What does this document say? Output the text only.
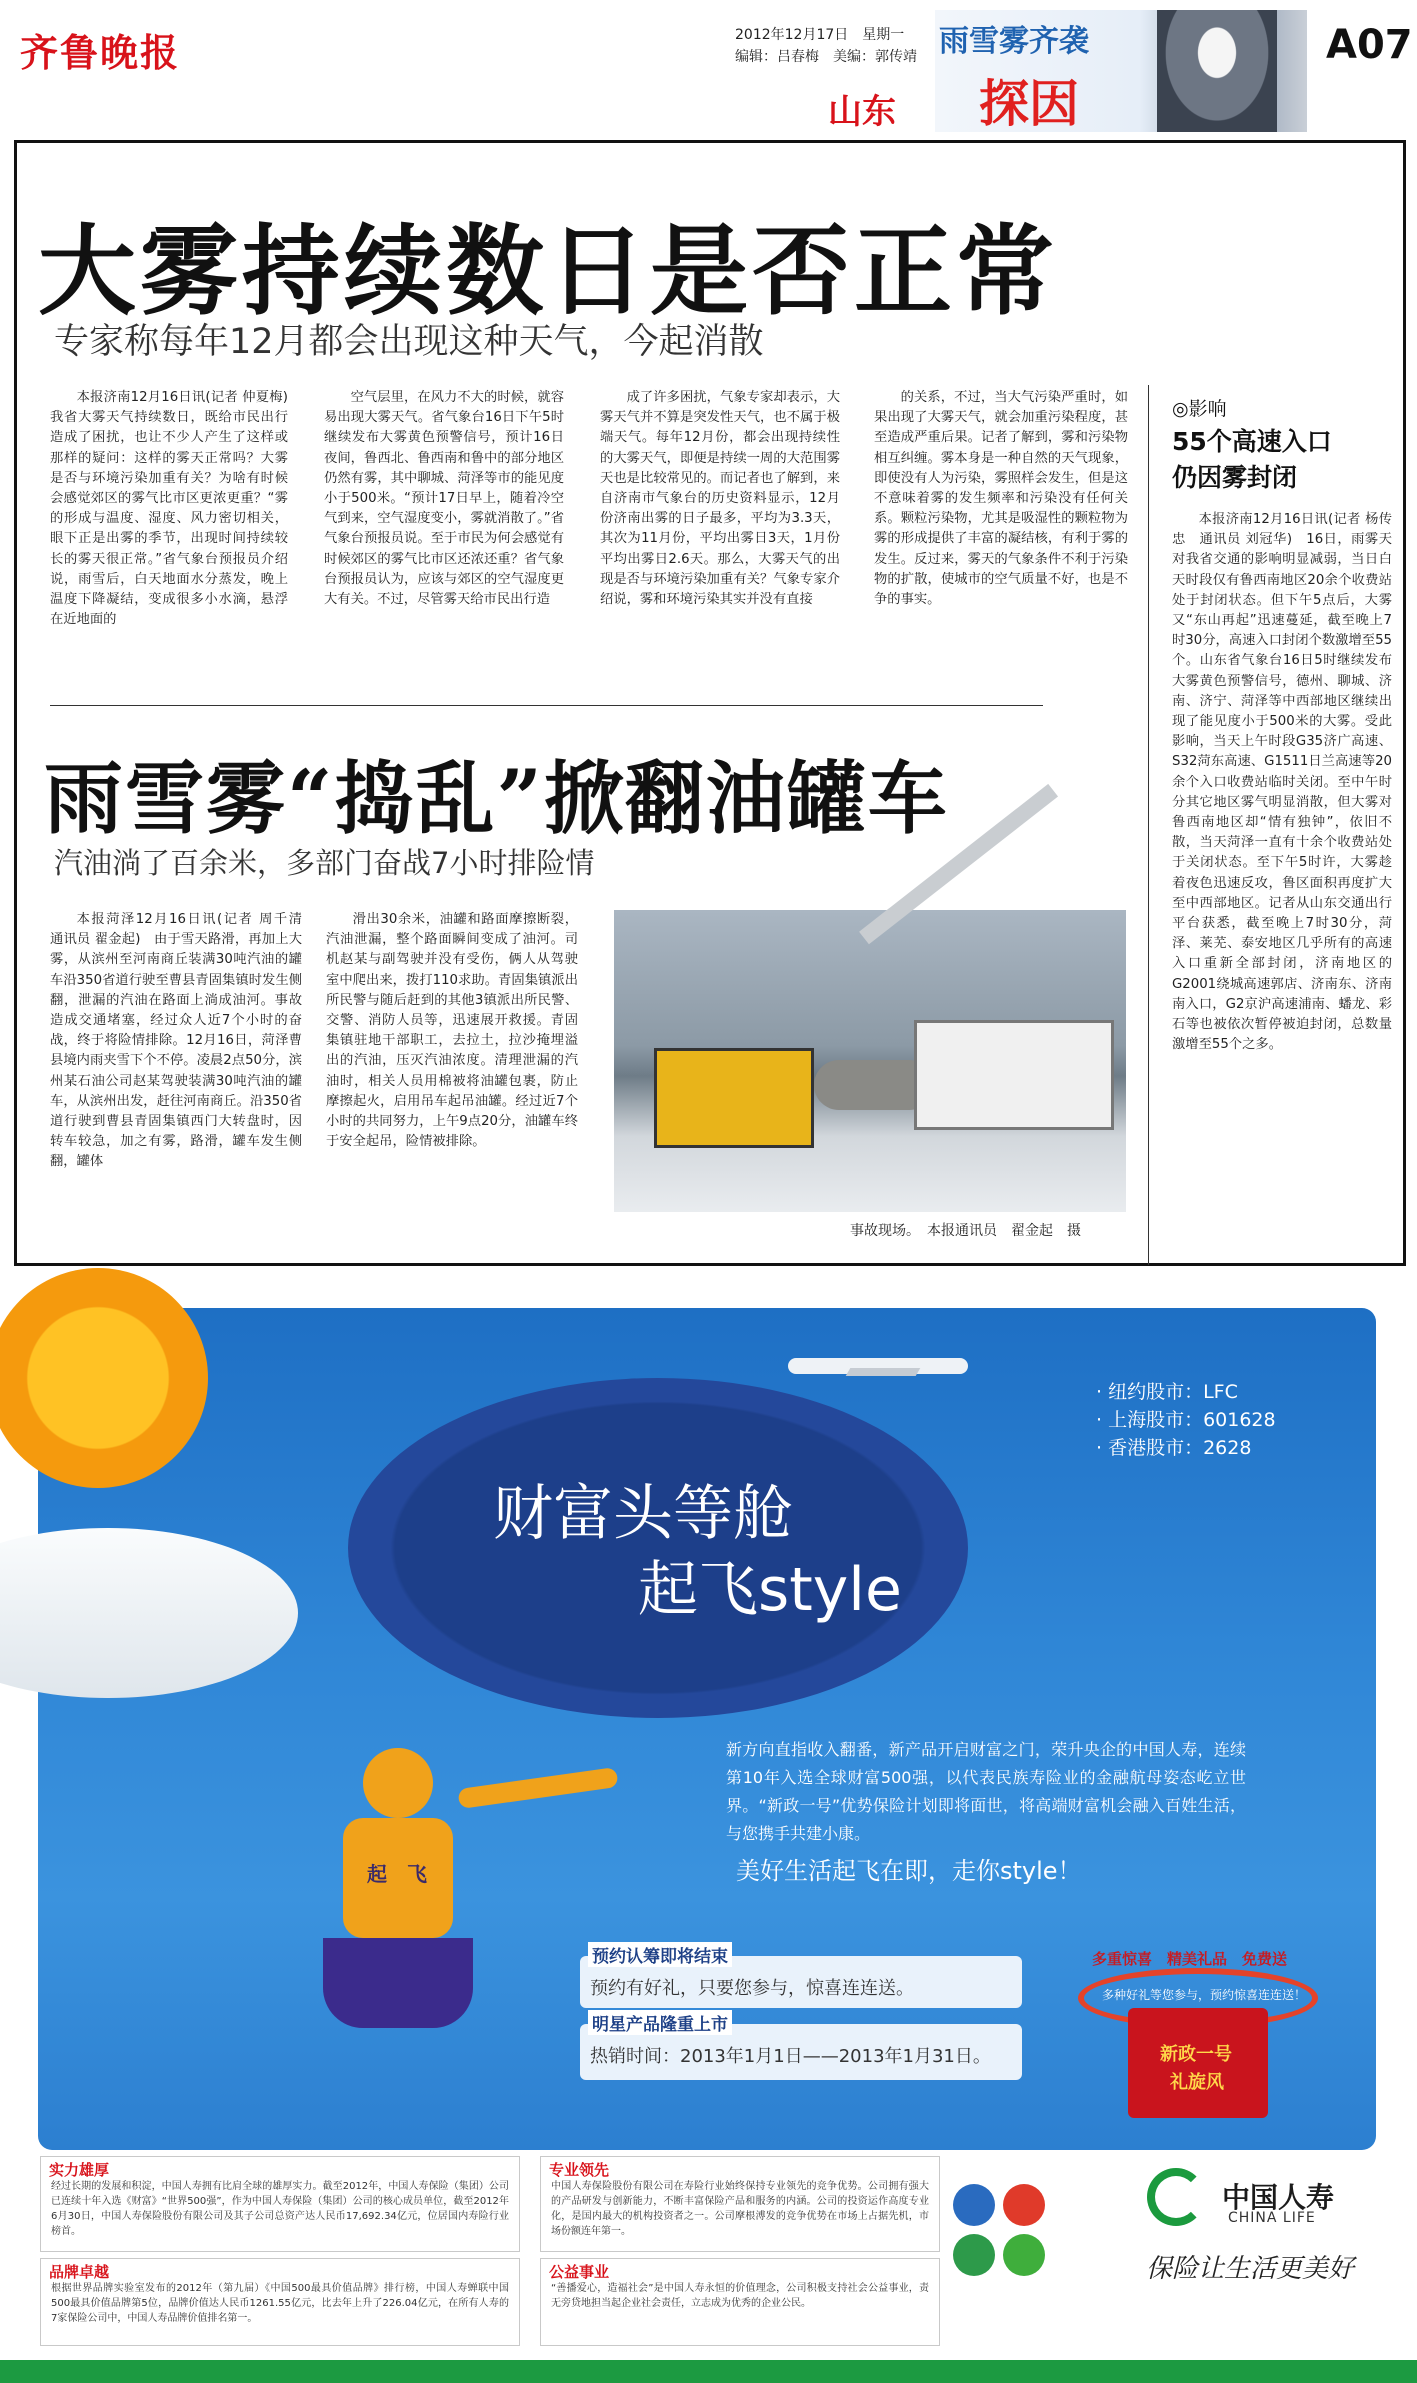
齐鲁晚报	2012年12月17日　星期一
编辑：吕春梅　美编：郭传靖
山东
雨雪雾齐袭
探因
A07
大雾持续数日是否正常
专家称每年12月都会出现这种天气，今起消散

本报济南12月16日讯(记者 仲夏梅)　我省大雾天气持续数日，既给市民出行造成了困扰，也让不少人产生了这样或那样的疑问：这样的雾天正常吗？大雾是否与环境污染加重有关？为啥有时候会感觉郊区的雾气比市区更浓更重？“雾的形成与温度、湿度、风力密切相关，眼下正是出雾的季节，出现时间持续较长的雾天很正常。”省气象台预报员介绍说，雨雪后，白天地面水分蒸发，晚上温度下降凝结，变成很多小水滴，悬浮在近地面的

空气层里，在风力不大的时候，就容易出现大雾天气。省气象台16日下午5时继续发布大雾黄色预警信号，预计16日夜间，鲁西北、鲁西南和鲁中的部分地区仍然有雾，其中聊城、菏泽等市的能见度小于500米。“预计17日早上，随着冷空气到来，空气湿度变小，雾就消散了。”省气象台预报员说。至于市民为何会感觉有时候郊区的雾气比市区还浓还重？省气象台预报员认为，应该与郊区的空气湿度更大有关。不过，尽管雾天给市民出行造

成了许多困扰，气象专家却表示，大雾天气并不算是突发性天气，也不属于极端天气。每年12月份，都会出现持续性的大雾天气，即便是持续一周的大范围雾天也是比较常见的。而记者也了解到，来自济南市气象台的历史资料显示，12月份济南出雾的日子最多，平均为3.3天，其次为11月份，平均出雾日3天，1月份平均出雾日2.6天。那么，大雾天气的出现是否与环境污染加重有关？气象专家介绍说，雾和环境污染其实并没有直接

的关系，不过，当大气污染严重时，如果出现了大雾天气，就会加重污染程度，甚至造成严重后果。记者了解到，雾和污染物相互纠缠。雾本身是一种自然的天气现象，即使没有人为污染，雾照样会发生，但是这不意味着雾的发生频率和污染没有任何关系。颗粒污染物，尤其是吸湿性的颗粒物为雾的形成提供了丰富的凝结核，有利于雾的发生。反过来，雾天的气象条件不利于污染物的扩散，使城市的空气质量不好，也是不争的事实。

雨雪雾“捣乱”掀翻油罐车
汽油淌了百余米，多部门奋战7小时排险情

本报菏泽12月16日讯(记者 周千清　通讯员 翟金起)　由于雪天路滑，再加上大雾，从滨州至河南商丘装满30吨汽油的罐车沿350省道行驶至曹县青固集镇时发生侧翻，泄漏的汽油在路面上淌成油河。事故造成交通堵塞，经过众人近7个小时的奋战，终于将险情排除。12月16日，菏泽曹县境内雨夹雪下个不停。凌晨2点50分，滨州某石油公司赵某驾驶装满30吨汽油的罐车，从滨州出发，赶往河南商丘。沿350省道行驶到曹县青固集镇西门大转盘时，因转车较急，加之有雾，路滑，罐车发生侧翻，罐体

滑出30余米，油罐和路面摩擦断裂，汽油泄漏，整个路面瞬间变成了油河。司机赵某与副驾驶并没有受伤，俩人从驾驶室中爬出来，拨打110求助。青固集镇派出所民警与随后赶到的其他3镇派出所民警、交警、消防人员等，迅速展开救援。青固集镇驻地干部职工，去拉土，拉沙掩埋溢出的汽油，压灭汽油浓度。清理泄漏的汽油时，相关人员用棉被将油罐包裹，防止摩擦起火，启用吊车起吊油罐。经过近7个小时的共同努力，上午9点20分，油罐车终于安全起吊，险情被排除。

事故现场。　本报通讯员　翟金起　摄
◎影响
55个高速入口
仍因雾封闭

本报济南12月16日讯(记者 杨传忠　通讯员 刘冠华)　16日，雨雾天对我省交通的影响明显减弱，当日白天时段仅有鲁西南地区20余个收费站处于封闭状态。但下午5点后，大雾又“东山再起”迅速蔓延，截至晚上7时30分，高速入口封闭个数激增至55个。山东省气象台16日5时继续发布大雾黄色预警信号，德州、聊城、济南、济宁、菏泽等中西部地区继续出现了能见度小于500米的大雾。受此影响，当天上午时段G35济广高速、S32菏东高速、G1511日兰高速等20余个入口收费站临时关闭。至中午时分其它地区雾气明显消散，但大雾对鲁西南地区却“情有独钟”，依旧不散，当天菏泽一直有十余个收费站处于关闭状态。至下午5时许，大雾趁着夜色迅速反攻，鲁区面积再度扩大至中西部地区。记者从山东交通出行平台获悉，截至晚上7时30分，菏泽、莱芜、泰安地区几乎所有的高速入口重新全部封闭，济南地区的G2001绕城高速郭店、济南东、济南南入口，G2京沪高速浦南、蟠龙、彩石等也被依次暂停被迫封闭，总数量激增至55个之多。

· 纽约股市：LFC
· 上海股市：601628
· 香港股市：2628
财富头等舱
起飞style
起　飞
新方向直指收入翻番，新产品开启财富之门，荣升央企的中国人寿，连续第10年入选全球财富500强，以代表民族寿险业的金融航母姿态屹立世界。“新政一号”优势保险计划即将面世，将高端财富机会融入百姓生活，与您携手共建小康。
美好生活起飞在即，走你style！
预约认筹即将结束
预约有好礼，只要您参与，惊喜连连送。
明星产品隆重上市
热销时间：2013年1月1日——2013年1月31日。
多重惊喜　精美礼品　免费送
多种好礼等您参与，预约惊喜连连送！
新政一号
礼旋风
实力雄厚
经过长期的发展和积淀，中国人寿拥有比肩全球的雄厚实力。截至2012年，中国人寿保险（集团）公司已连续十年入选《财富》“世界500强”，作为中国人寿保险（集团）公司的核心成员单位，截至2012年6月30日，中国人寿保险股份有限公司及其子公司总资产达人民币17,692.34亿元，位居国内寿险行业榜首。
专业领先
中国人寿保险股份有限公司在寿险行业始终保持专业领先的竞争优势。公司拥有强大的产品研发与创新能力，不断丰富保险产品和服务的内涵。公司的投资运作高度专业化，是国内最大的机构投资者之一。公司摩根溥发的竞争优势在市场上占据先机，市场份额连年第一。
品牌卓越
根据世界品牌实验室发布的2012年（第九届）《中国500最具价值品牌》排行榜，中国人寿蝉联中国500最具价值品牌第5位，品牌价值达人民币1261.55亿元，比去年上升了226.04亿元，在所有人寿的7家保险公司中，中国人寿品牌价值排名第一。
公益事业
“善播爱心，造福社会”是中国人寿永恒的价值理念，公司积极支持社会公益事业，责无旁贷地担当起企业社会责任，立志成为优秀的企业公民。
中国人寿
CHINA LIFE
保险让生活更美好
